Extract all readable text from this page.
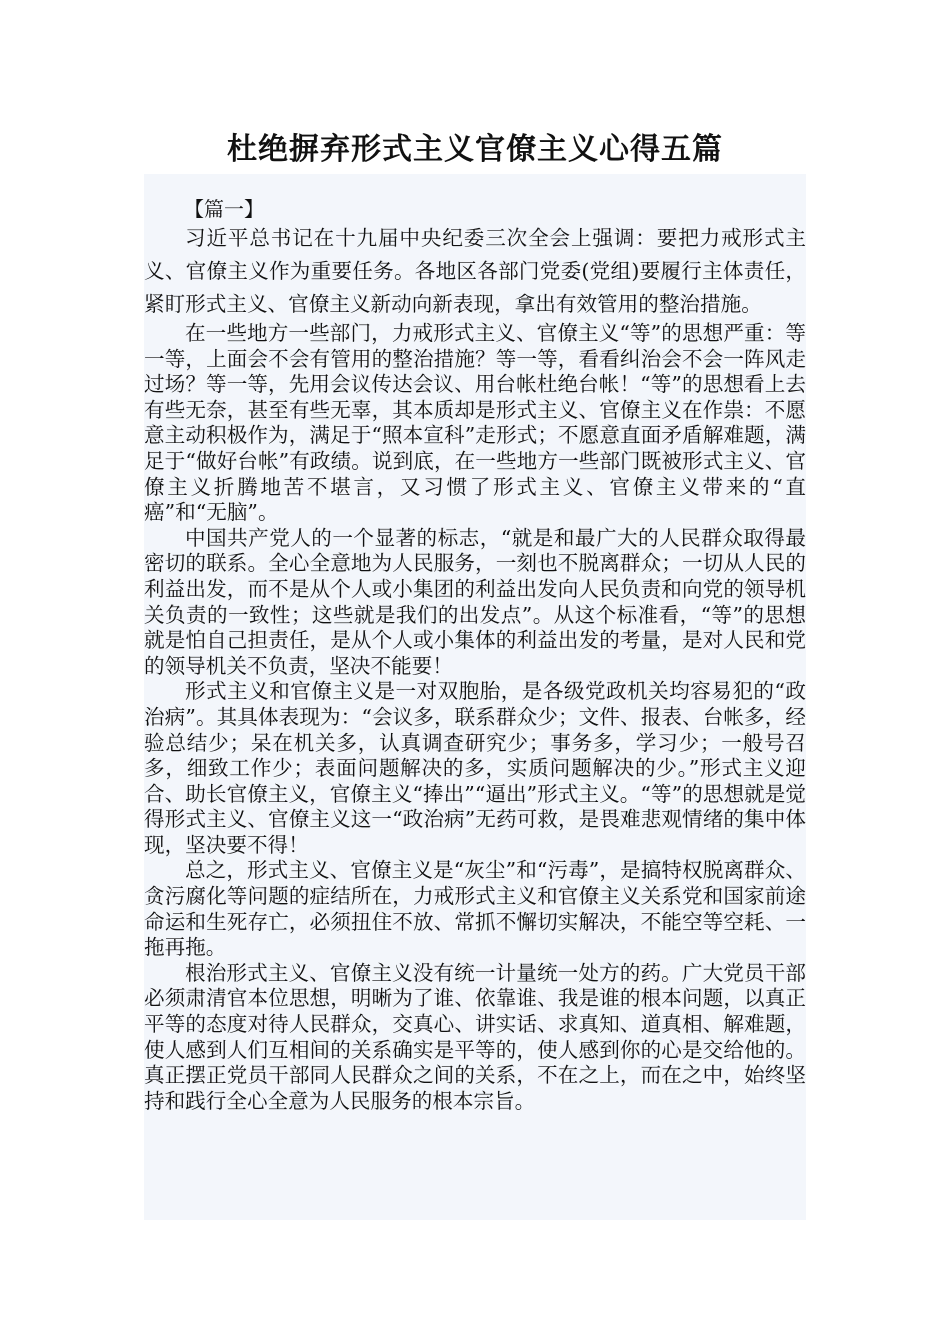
杜绝摒弃形式主义官僚主义心得五篇

【篇一】

习近平总书记在十九届中央纪委三次全会上强调：要把力戒形式主义、官僚主义作为重要任务。各地区各部门党委(党组)要履行主体责任，紧盯形式主义、官僚主义新动向新表现，拿出有效管用的整治措施。

在一些地方一些部门，力戒形式主义、官僚主义“等”的思想严重：等一等，上面会不会有管用的整治措施？等一等，看看纠治会不会一阵风走过场？等一等，先用会议传达会议、用台帐杜绝台帐！“等”的思想看上去有些无奈，甚至有些无辜，其本质却是形式主义、官僚主义在作祟：不愿意主动积极作为，满足于“照本宣科”走形式；不愿意直面矛盾解难题，满足于“做好台帐”有政绩。说到底，在一些地方一些部门既被形式主义、官僚主义折腾地苦不堪言，又习惯了形式主义、官僚主义带来的“直癌”和“无脑”。

中国共产党人的一个显著的标志，“就是和最广大的人民群众取得最密切的联系。全心全意地为人民服务，一刻也不脱离群众；一切从人民的利益出发，而不是从个人或小集团的利益出发向人民负责和向党的领导机关负责的一致性；这些就是我们的出发点”。从这个标准看，“等”的思想就是怕自己担责任，是从个人或小集体的利益出发的考量，是对人民和党的领导机关不负责，坚决不能要！

形式主义和官僚主义是一对双胞胎，是各级党政机关均容易犯的“政治病”。其具体表现为：“会议多，联系群众少；文件、报表、台帐多，经验总结少；呆在机关多，认真调查研究少；事务多，学习少；一般号召多，细致工作少；表面问题解决的多，实质问题解决的少。”形式主义迎合、助长官僚主义，官僚主义“捧出”“逼出”形式主义。“等”的思想就是觉得形式主义、官僚主义这一“政治病”无药可救，是畏难悲观情绪的集中体现，坚决要不得！

总之，形式主义、官僚主义是“灰尘”和“污毒”，是搞特权脱离群众、贪污腐化等问题的症结所在，力戒形式主义和官僚主义关系党和国家前途命运和生死存亡，必须扭住不放、常抓不懈切实解决，不能空等空耗、一拖再拖。

根治形式主义、官僚主义没有统一计量统一处方的药。广大党员干部必须肃清官本位思想，明晰为了谁、依靠谁、我是谁的根本问题，以真正平等的态度对待人民群众，交真心、讲实话、求真知、道真相、解难题，使人感到人们互相间的关系确实是平等的，使人感到你的心是交给他的。真正摆正党员干部同人民群众之间的关系，不在之上，而在之中，始终坚持和践行全心全意为人民服务的根本宗旨。
